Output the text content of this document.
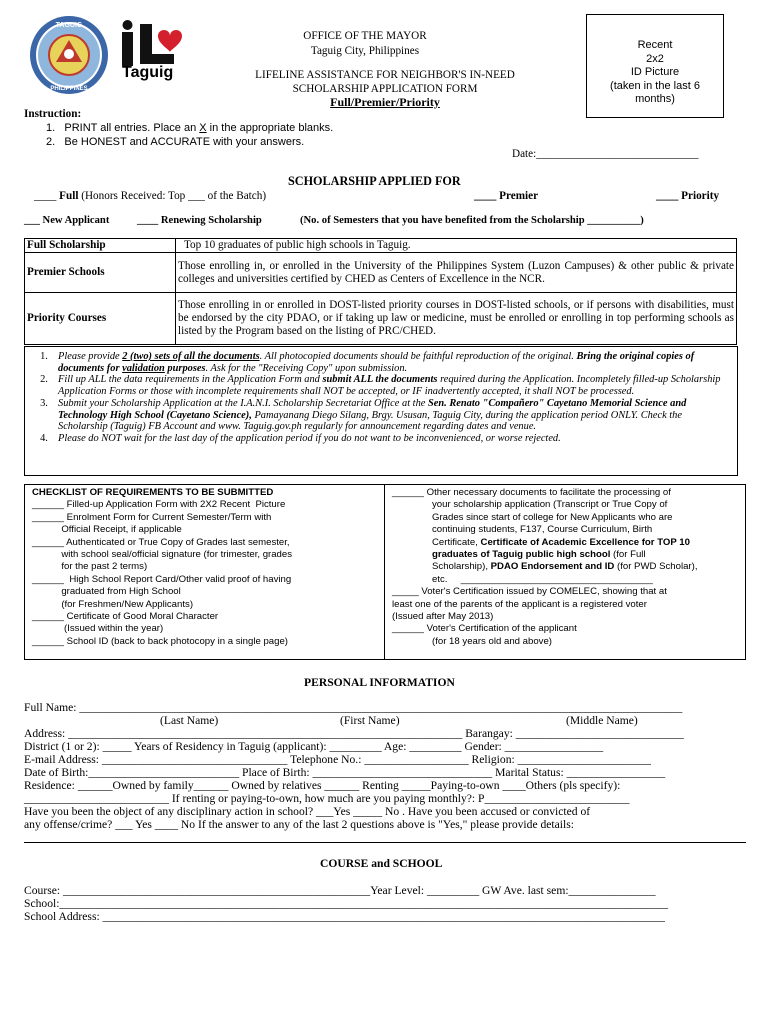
TAGUIG
PHILIPPINES
Taguig
OFFICE OF THE MAYOR
Taguig City, Philippines
LIFELINE ASSISTANCE FOR NEIGHBOR'S IN-NEED
SCHOLARSHIP APPLICATION FORM
Full/Premier/Priority
Recent
2x2
ID Picture
(taken in the last 6
months)
Instruction:
1. PRINT all entries. Place an X in the appropriate blanks.
2. Be HONEST and ACCURATE with your answers.
Date:_____________________________
SCHOLARSHIP APPLIED FOR
____ Full (Honors Received: Top ___ of the Batch)	____ Premier	____ Priority
___ New Applicant	____ Renewing Scholarship	(No. of Semesters that you have benefited from the Scholarship __________)
Full Scholarship	Top 10 graduates of public high schools in Taguig.
Premier Schools	Those enrolling in, or enrolled in the University of the Philippines System (Luzon Campuses) & other public & private colleges and universities certified by CHED as Centers of Excellence in the NCR.
Priority Courses	Those enrolling in or enrolled in DOST-listed priority courses in DOST-listed schools, or if persons with disabilities, must be endorsed by the city PDAO, or if taking up law or medicine, must be enrolled or enrolling in top performing schools as listed by the Program based on the listing of PRC/CHED.
1. Please provide 2 (two) sets of all the documents. All photocopied documents should be faithful reproduction of the original. Bring the original copies of documents for validation purposes. Ask for the "Receiving Copy" upon submission.
2. Fill up ALL the data requirements in the Application Form and submit ALL the documents required during the Application. Incompletely filled-up Scholarship Application Forms or those with incomplete requirements shall NOT be accepted, or IF inadvertently accepted, it shall NOT be processed.
3. Submit your Scholarship Application at the I.A.N.I. Scholarship Secretariat Office at the Sen. Renato "Compañero" Cayetano Memorial Science and Technology High School (Cayetano Science), Pamayanang Diego Silang, Brgy. Ususan, Taguig City, during the application period ONLY. Check the Scholarship (Taguig) FB Account and www. Taguig.gov.ph regularly for announcement regarding dates and venue.
4. Please do NOT wait for the last day of the application period if you do not want to be inconvenienced, or worse rejected.
CHECKLIST OF REQUIREMENTS TO BE SUBMITTED
______ Filled-up Application Form with 2X2 Recent  Picture
______ Enrolment Form for Current Semester/Term with
Official Receipt, if applicable
______ Authenticated or True Copy of Grades last semester,
with school seal/official signature (for trimester, grades
for the past 2 terms)
______  High School Report Card/Other valid proof of having
graduated from High School
(for Freshmen/New Applicants)
______ Certificate of Good Moral Character
(Issued within the year)
______ School ID (back to back photocopy in a single page)
______ Other necessary documents to facilitate the processing of
your scholarship application (Transcript or True Copy of
Grades since start of college for New Applicants who are
continuing students, F137, Course Curriculum, Birth
Certificate, Certificate of Academic Excellence for TOP 10
graduates of Taguig public high school (for Full
Scholarship), PDAO Endorsement and ID (for PWD Scholar),
etc.     ____________________________________
_____ Voter's Certification issued by COMELEC, showing that at
least one of the parents of the applicant is a registered voter
(Issued after May 2013)
______ Voter's Certification of the applicant
(for 18 years old and above)
PERSONAL INFORMATION
Full Name: ________________________________________________________________________________________________________
(Last Name)	(First Name)	(Middle Name)
Address: ____________________________________________________________________ Barangay: _____________________________
District (1 or 2): _____ Years of Residency in Taguig (applicant): _________ Age: _________ Gender: _________________
E-mail Address: ________________________________ Telephone No.: __________________ Religion: _______________________
Date of Birth:__________________________ Place of Birth: _______________________________ Marital Status: _________________
Residence: ______Owned by family______ Owned by relatives ______ Renting _____Paying-to-own ____Others (pls specify):
_________________________ If renting or paying-to-own, how much are you paying monthly?: P_________________________
Have you been the object of any disciplinary action in school? ___Yes _____ No . Have you been accused or convicted of
any offense/crime? ___ Yes ____ No If the answer to any of the last 2 questions above is "Yes," please provide details:
COURSE and SCHOOL
Course: _____________________________________________________Year Level: _________ GW Ave. last sem:_______________
School:_________________________________________________________________________________________________________
School Address: _________________________________________________________________________________________________
